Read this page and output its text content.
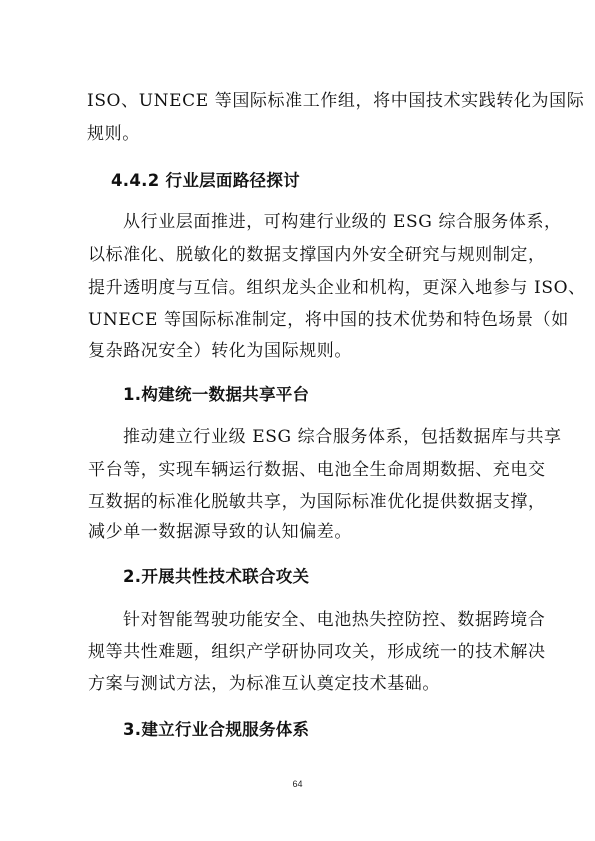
ISO、UNECE 等国际标准工作组，将中国技术实践转化为国际
规则。
4.4.2 行业层面路径探讨
从行业层面推进，可构建行业级的 ESG 综合服务体系，
以标准化、脱敏化的数据支撑国内外安全研究与规则制定，
提升透明度与互信。组织龙头企业和机构，更深入地参与 ISO、
UNECE 等国际标准制定，将中国的技术优势和特色场景（如
复杂路况安全）转化为国际规则。
1.构建统一数据共享平台
推动建立行业级 ESG 综合服务体系，包括数据库与共享
平台等，实现车辆运行数据、电池全生命周期数据、充电交
互数据的标准化脱敏共享，为国际标准优化提供数据支撑，
减少单一数据源导致的认知偏差。
2.开展共性技术联合攻关
针对智能驾驶功能安全、电池热失控防控、数据跨境合
规等共性难题，组织产学研协同攻关，形成统一的技术解决
方案与测试方法，为标准互认奠定技术基础。
3.建立行业合规服务体系
64
